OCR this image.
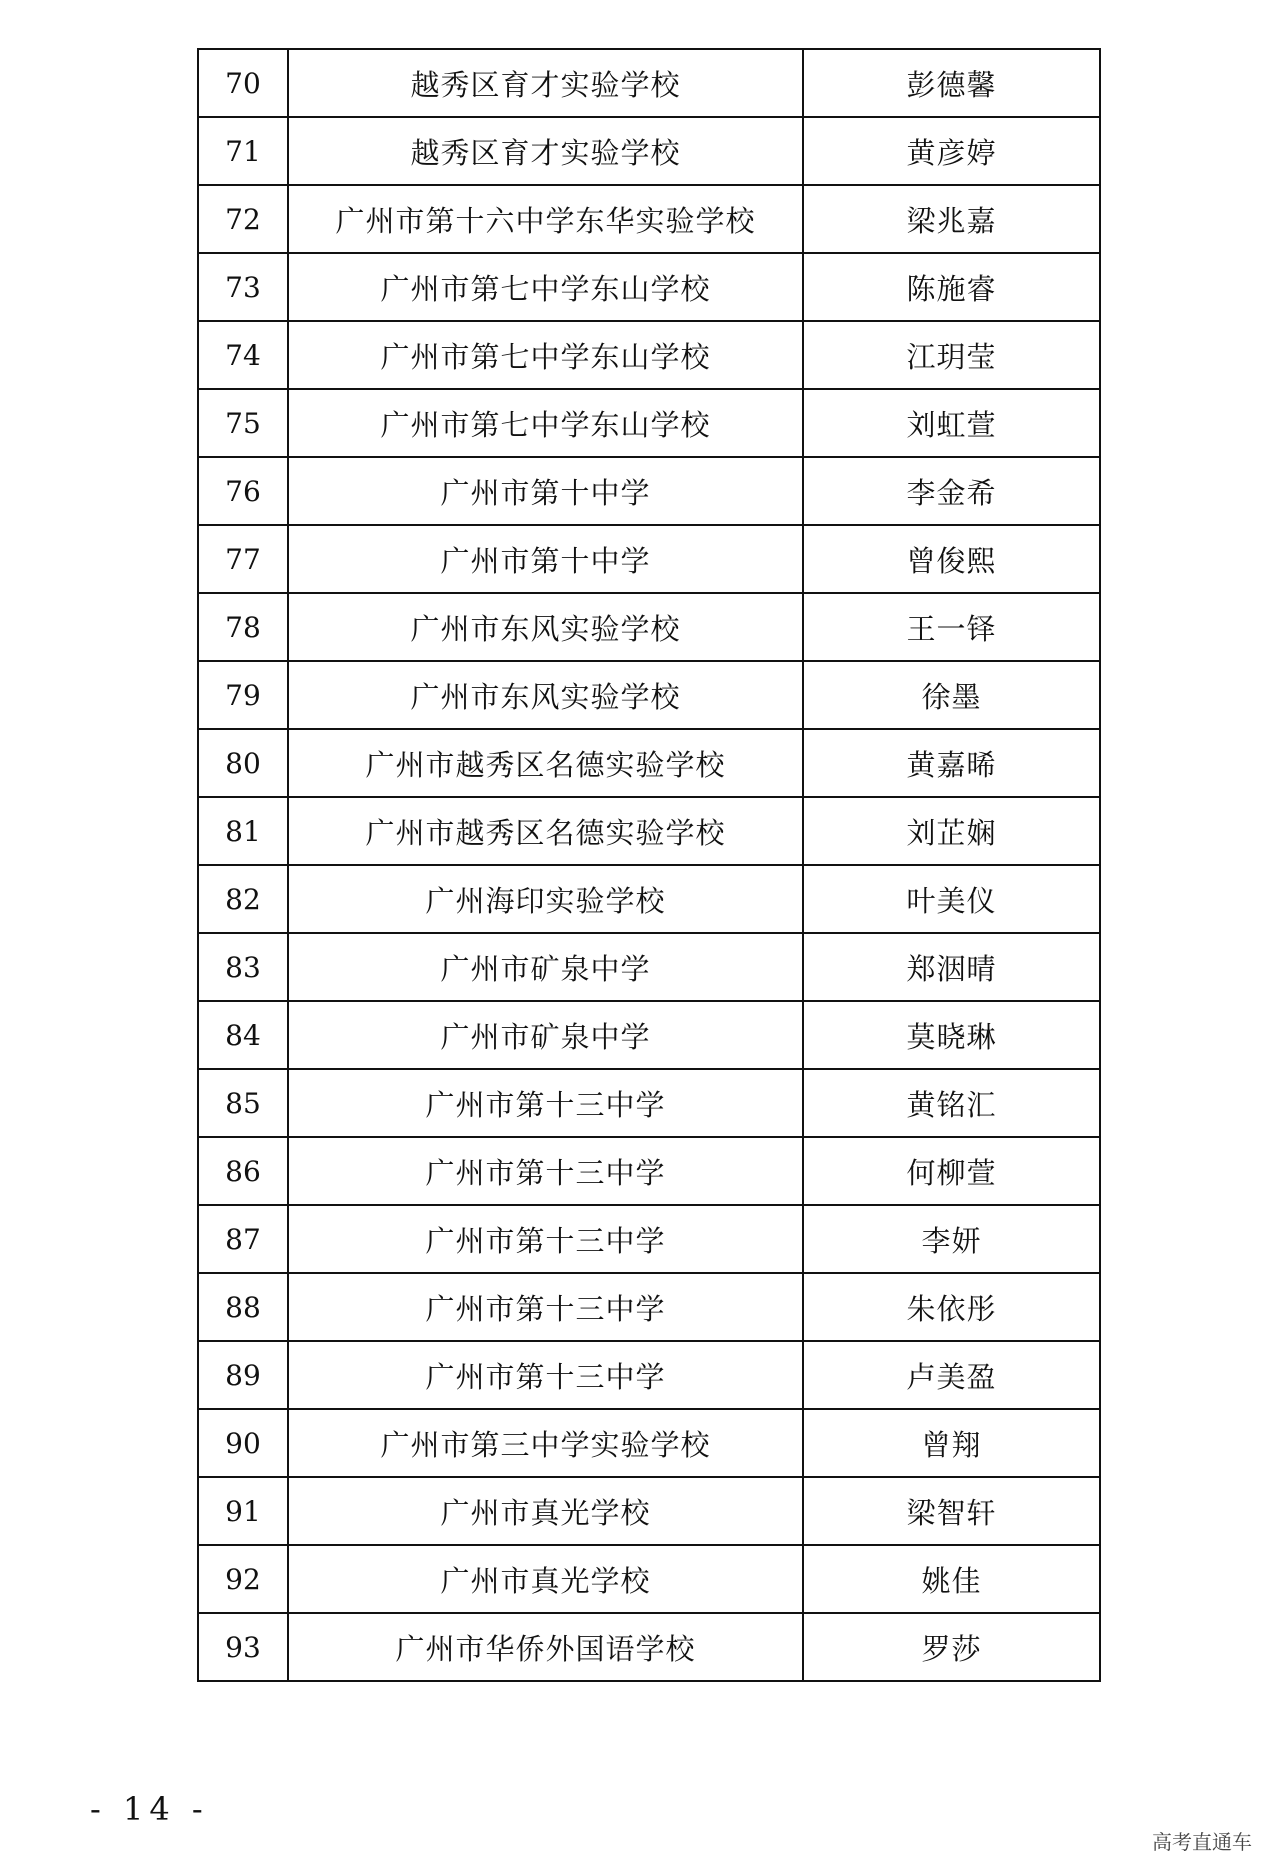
70	越秀区育才实验学校	彭德馨
71	越秀区育才实验学校	黄彦婷
72	广州市第十六中学东华实验学校	梁兆嘉
73	广州市第七中学东山学校	陈施睿
74	广州市第七中学东山学校	江玥莹
75	广州市第七中学东山学校	刘虹萱
76	广州市第十中学	李金希
77	广州市第十中学	曾俊熙
78	广州市东风实验学校	王一铎
79	广州市东风实验学校	徐墨
80	广州市越秀区名德实验学校	黄嘉晞
81	广州市越秀区名德实验学校	刘芷娴
82	广州海印实验学校	叶美仪
83	广州市矿泉中学	郑洇晴
84	广州市矿泉中学	莫晓琳
85	广州市第十三中学	黄铭汇
86	广州市第十三中学	何柳萱
87	广州市第十三中学	李妍
88	广州市第十三中学	朱依彤
89	广州市第十三中学	卢美盈
90	广州市第三中学实验学校	曾翔
91	广州市真光学校	梁智轩
92	广州市真光学校	姚佳
93	广州市华侨外国语学校	罗莎
- 14 -
高考直通车
